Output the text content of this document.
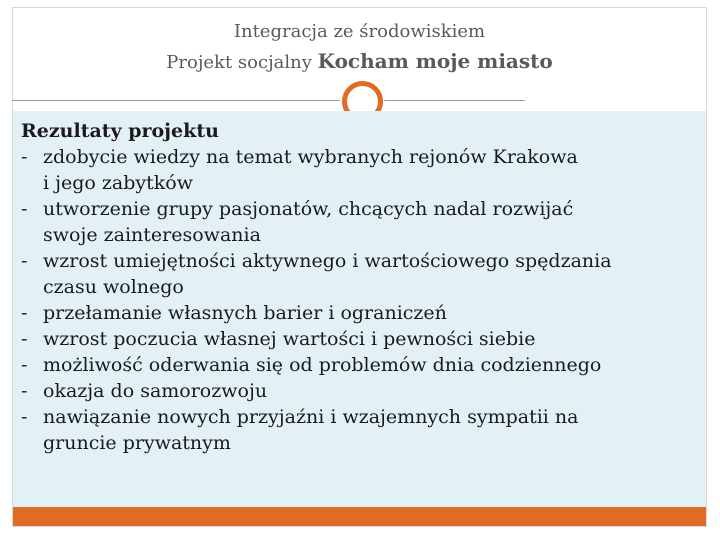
Integracja ze środowiskiem
Projekt socjalny Kocham moje miasto
Rezultaty projektu
- zdobycie wiedzy na temat wybranych rejonów Krakowa
i jego zabytków
- utworzenie grupy pasjonatów, chcących nadal rozwijać
swoje zainteresowania
- wzrost umiejętności aktywnego i wartościowego spędzania
czasu wolnego
- przełamanie własnych barier i ograniczeń
- wzrost poczucia własnej wartości i pewności siebie
- możliwość oderwania się od problemów dnia codziennego
- okazja do samorozwoju
- nawiązanie nowych przyjaźni i wzajemnych sympatii na
gruncie prywatnym
